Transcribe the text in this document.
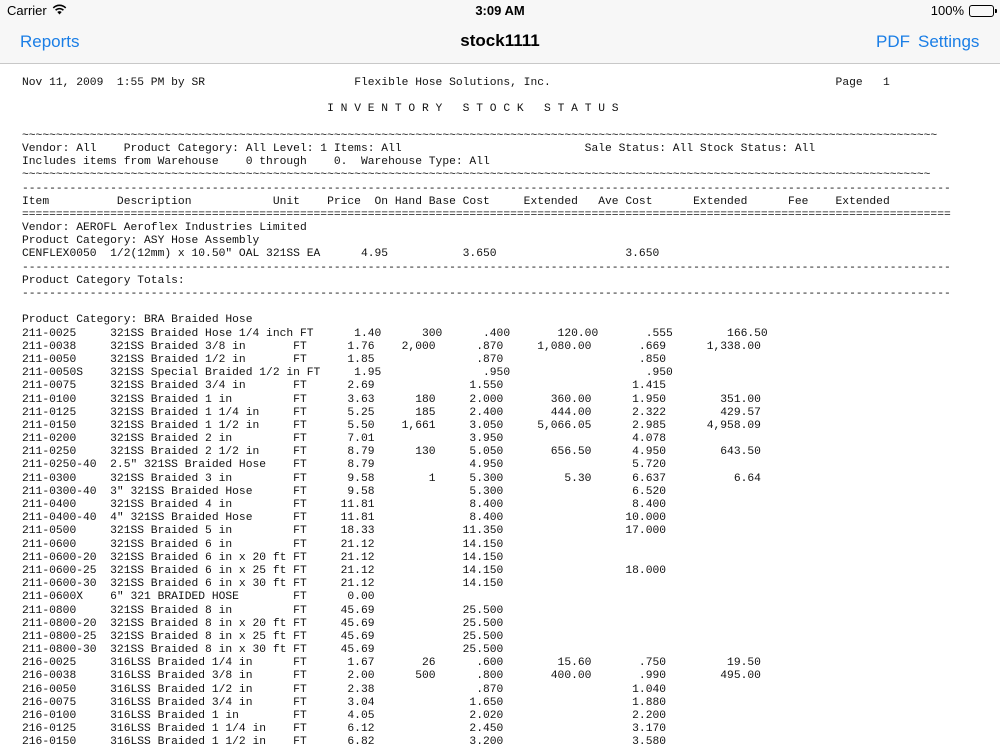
Carrier	3:09 AM	100%
Reports	stock1111	PDF Settings
Nov 11, 2009  1:55 PM by SR	Flexible Hose Solutions, Inc.	Page 1
I N V E N T O R Y   S T O C K   S T A T U S
~~~~~~~~~~~~~~~~~~~~~~~~~~~~~~~~~~~~~~~~~~~~~~~~~~~~~~~~~~~~~~~~~~~~~~~~~~~~~~~~~~~~~~~~~~~~~~~~~~~~~~~~~~~~~~~~~~~~~~~~~~~~~~~~~~~~~~~
Vendor: All    Product Category: All Level: 1 Items: All                           Sale Status: All Stock Status: All
Includes items from Warehouse    0 through    0.  Warehouse Type: All
~~~~~~~~~~~~~~~~~~~~~~~~~~~~~~~~~~~~~~~~~~~~~~~~~~~~~~~~~~~~~~~~~~~~~~~~~~~~~~~~~~~~~~~~~~~~~~~~~~~~~~~~~~~~~~~~~~~~~~~~~~~~~~~~~~~~~~
-----------------------------------------------------------------------------------------------------------------------------------------
Item          Description            Unit    Price  On Hand Base Cost     Extended   Ave Cost      Extended      Fee    Extended
=========================================================================================================================================
Vendor: AEROFL Aeroflex Industries Limited
Product Category: ASY Hose Assembly
CENFLEX0050  1/2(12mm) x 10.50" OAL 321SS EA      4.95           3.650                   3.650
-----------------------------------------------------------------------------------------------------------------------------------------
Product Category Totals:
-----------------------------------------------------------------------------------------------------------------------------------------
Product Category: BRA Braided Hose
211-0025     321SS Braided Hose 1/4 inch FT      1.40      300      .400       120.00       .555        166.50
211-0038     321SS Braided 3/8 in       FT      1.76    2,000      .870     1,080.00       .669      1,338.00
211-0050     321SS Braided 1/2 in       FT      1.85               .870                    .850
211-0050S    321SS Special Braided 1/2 in FT     1.95               .950                    .950
211-0075     321SS Braided 3/4 in       FT      2.69              1.550                   1.415
211-0100     321SS Braided 1 in         FT      3.63      180     2.000       360.00      1.950        351.00
211-0125     321SS Braided 1 1/4 in     FT      5.25      185     2.400       444.00      2.322        429.57
211-0150     321SS Braided 1 1/2 in     FT      5.50    1,661     3.050     5,066.05      2.985      4,958.09
211-0200     321SS Braided 2 in         FT      7.01              3.950                   4.078
211-0250     321SS Braided 2 1/2 in     FT      8.79      130     5.050       656.50      4.950        643.50
211-0250-40  2.5" 321SS Braided Hose    FT      8.79              4.950                   5.720
211-0300     321SS Braided 3 in         FT      9.58        1     5.300         5.30      6.637          6.64
211-0300-40  3" 321SS Braided Hose      FT      9.58              5.300                   6.520
211-0400     321SS Braided 4 in         FT     11.81              8.400                   8.400
211-0400-40  4" 321SS Braided Hose      FT     11.81              8.400                  10.000
211-0500     321SS Braided 5 in         FT     18.33             11.350                  17.000
211-0600     321SS Braided 6 in         FT     21.12             14.150
211-0600-20  321SS Braided 6 in x 20 ft FT     21.12             14.150
211-0600-25  321SS Braided 6 in x 25 ft FT     21.12             14.150                  18.000
211-0600-30  321SS Braided 6 in x 30 ft FT     21.12             14.150
211-0600X    6" 321 BRAIDED HOSE        FT      0.00
211-0800     321SS Braided 8 in         FT     45.69             25.500
211-0800-20  321SS Braided 8 in x 20 ft FT     45.69             25.500
211-0800-25  321SS Braided 8 in x 25 ft FT     45.69             25.500
211-0800-30  321SS Braided 8 in x 30 ft FT     45.69             25.500
216-0025     316LSS Braided 1/4 in      FT      1.67       26      .600        15.60       .750         19.50
216-0038     316LSS Braided 3/8 in      FT      2.00      500      .800       400.00       .990        495.00
216-0050     316LSS Braided 1/2 in      FT      2.38               .870                   1.040
216-0075     316LSS Braided 3/4 in      FT      3.04              1.650                   1.880
216-0100     316LSS Braided 1 in        FT      4.05              2.020                   2.200
216-0125     316LSS Braided 1 1/4 in    FT      6.12              2.450                   3.170
216-0150     316LSS Braided 1 1/2 in    FT      6.82              3.200                   3.580
